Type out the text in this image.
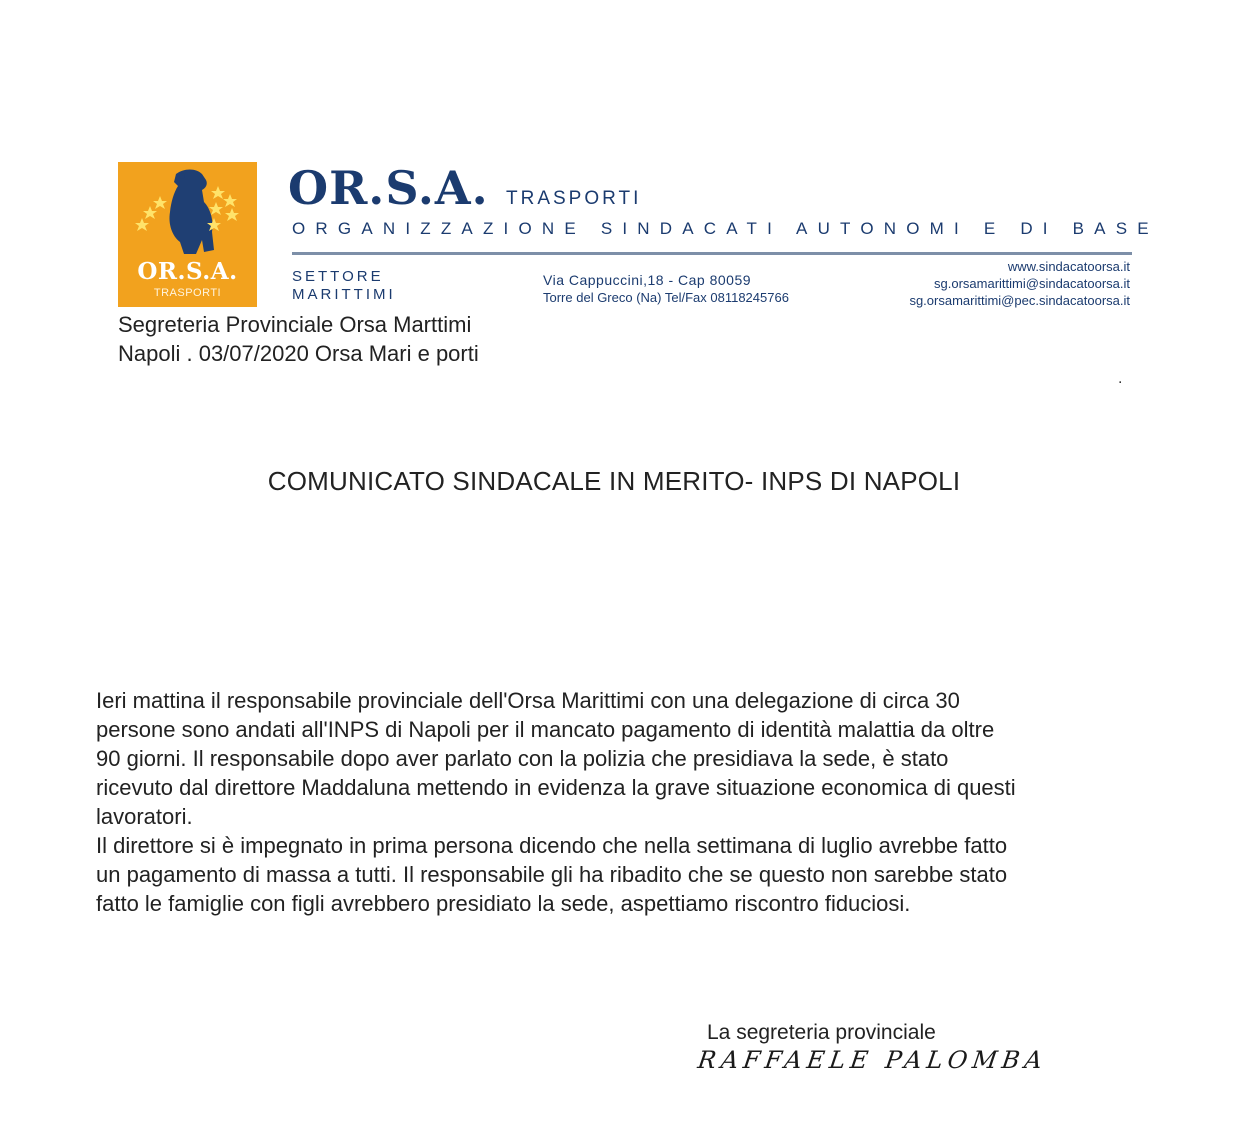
OR.S.A.
TRASPORTI
OR.S.A. TRASPORTI
ORGANIZZAZIONE SINDACATI AUTONOMI E DI BASE
SETTORE
MARITTIMI
Via Cappuccini,18 - Cap 80059
Torre del Greco (Na) Tel/Fax 08118245766
www.sindacatoorsa.it
sg.orsamarittimi@sindacatoorsa.it
sg.orsamarittimi@pec.sindacatoorsa.it
Segreteria Provinciale Orsa Marttimi
Napoli . 03/07/2020 Orsa Mari e porti
.
COMUNICATO SINDACALE IN MERITO- INPS DI NAPOLI
Ieri mattina il responsabile provinciale dell'Orsa Marittimi con una delegazione di circa 30
persone sono andati all'INPS di Napoli per il mancato pagamento di identità malattia da oltre
90 giorni. Il responsabile dopo aver parlato con la polizia che presidiava la sede, è stato
ricevuto dal direttore Maddaluna mettendo in evidenza la grave situazione economica di questi
lavoratori.
Il direttore si è impegnato in prima persona dicendo che nella settimana di luglio avrebbe fatto
un pagamento di massa a tutti. Il responsabile gli ha ribadito che se questo non sarebbe stato
fatto le famiglie con figli avrebbero presidiato la sede, aspettiamo riscontro fiduciosi.
La segreteria provinciale
RAFFAELE PALOMBA
